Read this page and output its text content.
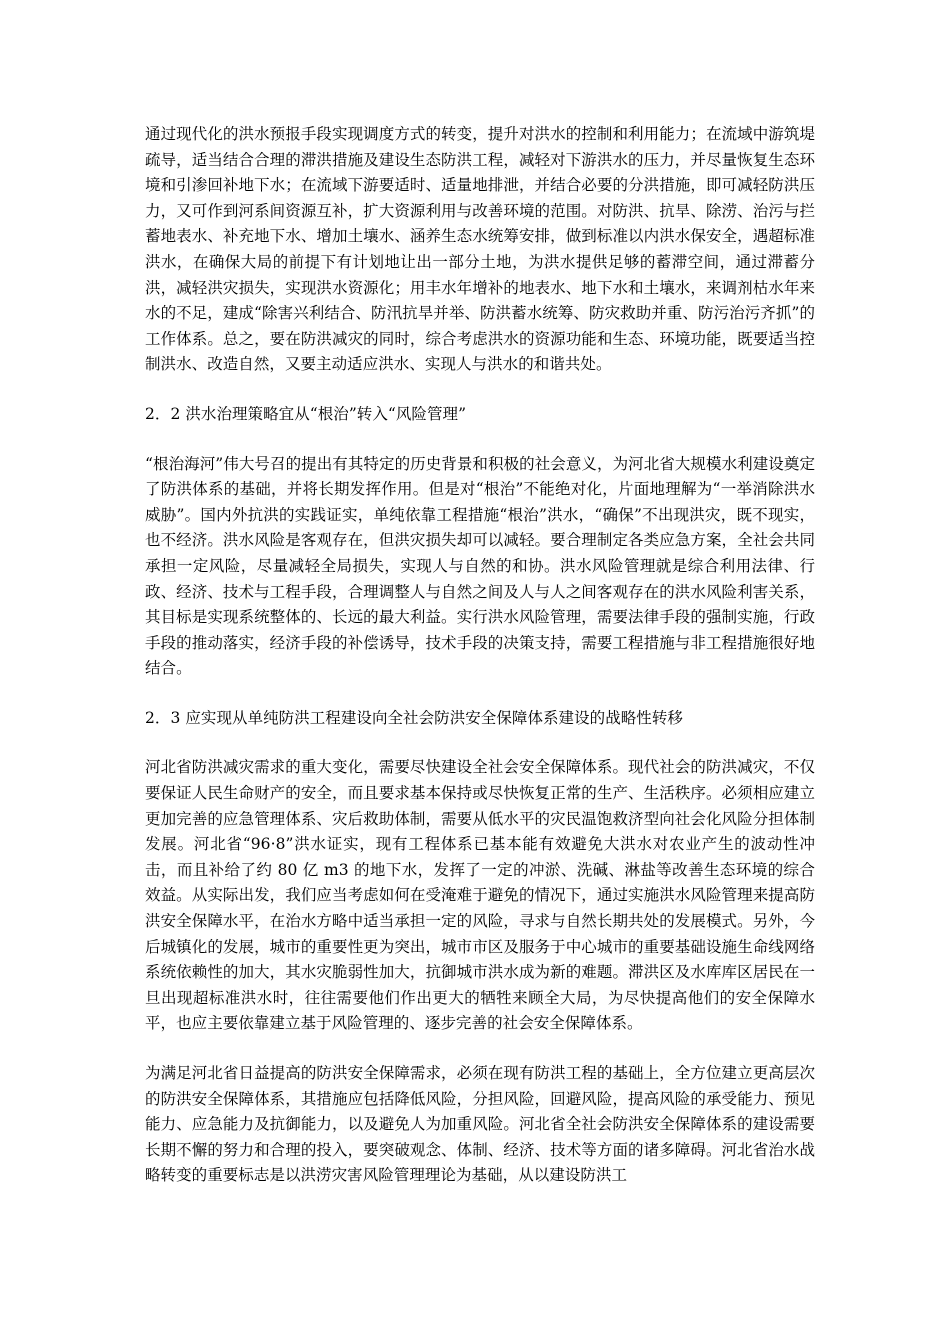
通过现代化的洪水预报手段实现调度方式的转变，提升对洪水的控制和利用能力；在流域中游筑堤疏导，适当结合合理的滞洪措施及建设生态防洪工程，减轻对下游洪水的压力，并尽量恢复生态环境和引渗回补地下水；在流域下游要适时、适量地排泄，并结合必要的分洪措施，即可减轻防洪压力，又可作到河系间资源互补，扩大资源利用与改善环境的范围。对防洪、抗旱、除涝、治污与拦蓄地表水、补充地下水、增加土壤水、涵养生态水统筹安排，做到标准以内洪水保安全，遇超标准洪水，在确保大局的前提下有计划地让出一部分土地，为洪水提供足够的蓄滞空间，通过滞蓄分洪，减轻洪灾损失，实现洪水资源化；用丰水年增补的地表水、地下水和土壤水，来调剂枯水年来水的不足，建成“除害兴利结合、防汛抗旱并举、防洪蓄水统筹、防灾救助并重、防污治污齐抓”的工作体系。总之，要在防洪减灾的同时，综合考虑洪水的资源功能和生态、环境功能，既要适当控制洪水、改造自然，又要主动适应洪水、实现人与洪水的和谐共处。

2．2 洪水治理策略宜从“根治”转入“风险管理”

“根治海河”伟大号召的提出有其特定的历史背景和积极的社会意义，为河北省大规模水利建设奠定了防洪体系的基础，并将长期发挥作用。但是对“根治”不能绝对化，片面地理解为“一举消除洪水威胁”。国内外抗洪的实践证实，单纯依靠工程措施“根治”洪水，“确保”不出现洪灾，既不现实，也不经济。洪水风险是客观存在，但洪灾损失却可以减轻。要合理制定各类应急方案，全社会共同承担一定风险，尽量减轻全局损失，实现人与自然的和协。洪水风险管理就是综合利用法律、行政、经济、技术与工程手段，合理调整人与自然之间及人与人之间客观存在的洪水风险利害关系，其目标是实现系统整体的、长远的最大利益。实行洪水风险管理，需要法律手段的强制实施，行政手段的推动落实，经济手段的补偿诱导，技术手段的决策支持，需要工程措施与非工程措施很好地结合。

2．3 应实现从单纯防洪工程建设向全社会防洪安全保障体系建设的战略性转移

河北省防洪减灾需求的重大变化，需要尽快建设全社会安全保障体系。现代社会的防洪减灾，不仅要保证人民生命财产的安全，而且要求基本保持或尽快恢复正常的生产、生活秩序。必须相应建立更加完善的应急管理体系、灾后救助体制，需要从低水平的灾民温饱救济型向社会化风险分担体制发展。河北省“96·8”洪水证实，现有工程体系已基本能有效避免大洪水对农业产生的波动性冲击，而且补给了约 80 亿 m3 的地下水，发挥了一定的冲淤、洗碱、淋盐等改善生态环境的综合效益。从实际出发，我们应当考虑如何在受淹难于避免的情况下，通过实施洪水风险管理来提高防洪安全保障水平，在治水方略中适当承担一定的风险，寻求与自然长期共处的发展模式。另外，今后城镇化的发展，城市的重要性更为突出，城市市区及服务于中心城市的重要基础设施生命线网络系统依赖性的加大，其水灾脆弱性加大，抗御城市洪水成为新的难题。滞洪区及水库库区居民在一旦出现超标准洪水时，往往需要他们作出更大的牺牲来顾全大局，为尽快提高他们的安全保障水平，也应主要依靠建立基于风险管理的、逐步完善的社会安全保障体系。

为满足河北省日益提高的防洪安全保障需求，必须在现有防洪工程的基础上，全方位建立更高层次的防洪安全保障体系，其措施应包括降低风险，分担风险，回避风险，提高风险的承受能力、预见能力、应急能力及抗御能力，以及避免人为加重风险。河北省全社会防洪安全保障体系的建设需要长期不懈的努力和合理的投入，要突破观念、体制、经济、技术等方面的诸多障碍。河北省治水战略转变的重要标志是以洪涝灾害风险管理理论为基础，从以建设防洪工
